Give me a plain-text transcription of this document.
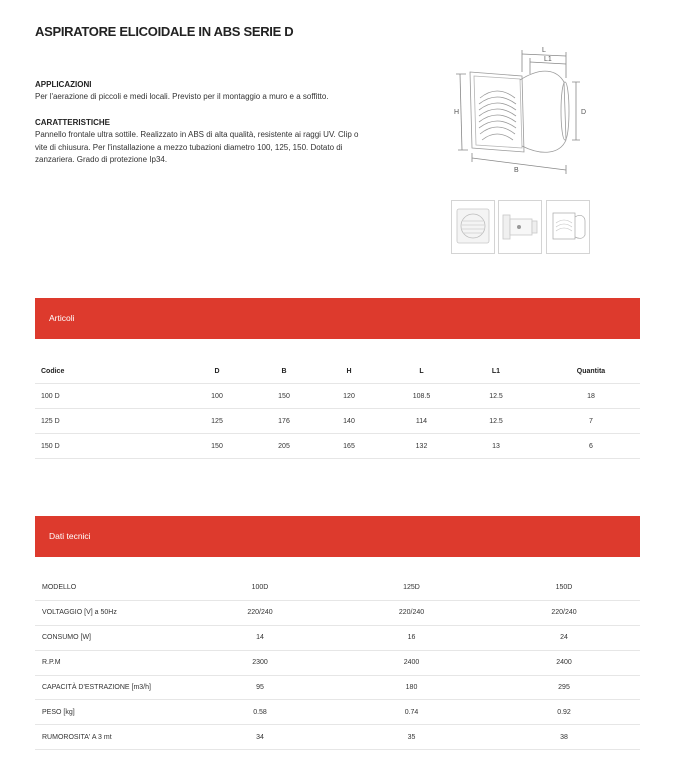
ASPIRATORE ELICOIDALE IN ABS SERIE D
APPLICAZIONI
Per l'aerazione di piccoli e medi locali. Previsto per il montaggio a muro e a soffitto.
CARATTERISTICHE
Pannello frontale ultra sottile. Realizzato in ABS di alta qualità, resistente ai raggi UV. Clip o vite di chiusura. Per l'installazione a mezzo tubazioni diametro 100, 125, 150. Dotato di zanzariera. Grado di protezione Ip34.
L
L1
H	D
B
Articoli
Codice	D	B	H	L	L1	Quantita
100 D	100	150	120	108.5	12.5	18
125 D	125	176	140	114	12.5	7
150 D	150	205	165	132	13	6
Dati tecnici
MODELLO	100D	125D	150D
VOLTAGGIO [V] a 50Hz	220/240	220/240	220/240
CONSUMO [W]	14	16	24
R.P.M	2300	2400	2400
CAPACITÀ D'ESTRAZIONE [m3/h]	95	180	295
PESO [kg]	0.58	0.74	0.92
RUMOROSITA' A 3 mt	34	35	38
